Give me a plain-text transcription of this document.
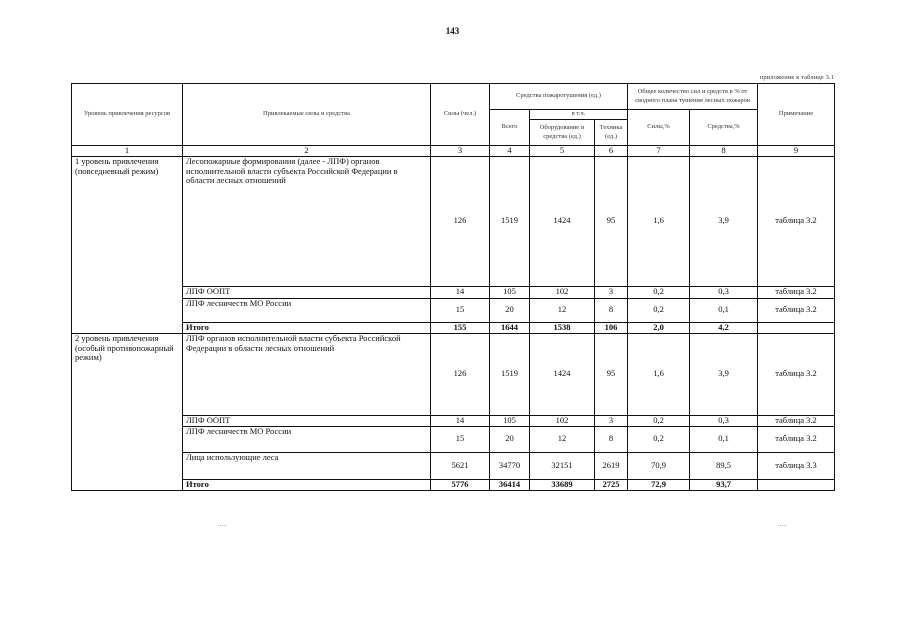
143
приложение к таблице 3.1
Уровень привлечения ресурсов	Привлекаемые силы и средства	Силы (чел.)	Средства пожаротушения (ед.)			Общее количество сил и средств в % от сводного плана тушения лесных пожаров		Примечание
			Всего	в т.ч.		Силы,%	Средства,%	
				Оборудование и средства (ед.)	Техника (ед.)			
1	2	3	4	5	6	7	8	9
1 уровень привлечения (повседневный режим)	Лесопожарные формирования (далее - ЛПФ) органов исполнительной власти субъекта Российской Федерации в области лесных отношений	126	1519	1424	95	1,6	3,9	таблица 3.2
	ЛПФ ООПТ	14	105	102	3	0,2	0,3	таблица 3.2
	ЛПФ лесничеств МО России	15	20	12	8	0,2	0,1	таблица 3.2
	Итого	155	1644	1538	106	2,0	4,2	
2 уровень привлечения (особый противопожарный режим)	ЛПФ органов исполнительной власти субъекта Российской Федерации в области лесных отношений	126	1519	1424	95	1,6	3,9	таблица 3.2
	ЛПФ ООПТ	14	105	102	3	0,2	0,3	таблица 3.2
	ЛПФ лесничеств МО России	15	20	12	8	0,2	0,1	таблица 3.2
	Лица использующие леса	5621	34770	32151	2619	70,9	89,5	таблица 3.3
	Итого	5776	36414	33689	2725	72,9	93,7	
.....	.....
